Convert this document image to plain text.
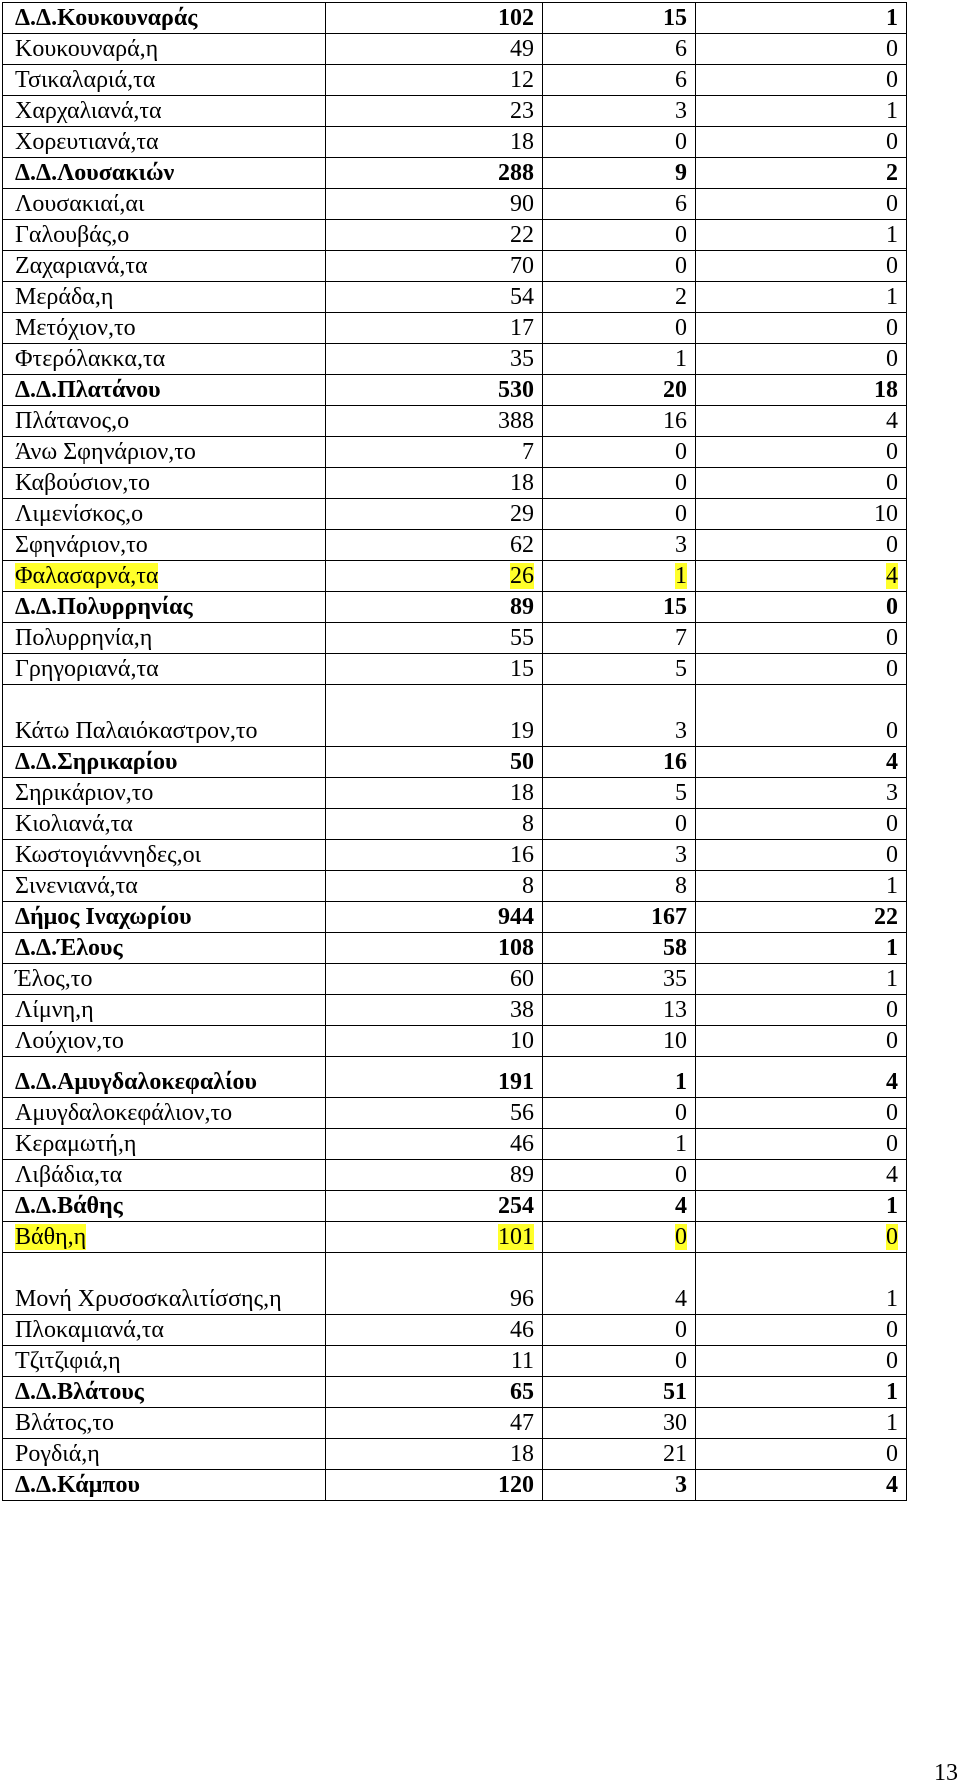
Δ.Δ.Κουκουναράς	102	15	1
Κουκουναρά,η	49	6	0
Τσικαλαριά,τα	12	6	0
Χαρχαλιανά,τα	23	3	1
Χορευτιανά,τα	18	0	0
Δ.Δ.Λουσακιών	288	9	2
Λουσακιαί,αι	90	6	0
Γαλουβάς,ο	22	0	1
Ζαχαριανά,τα	70	0	0
Μεράδα,η	54	2	1
Μετόχιον,το	17	0	0
Φτερόλακκα,τα	35	1	0
Δ.Δ.Πλατάνου	530	20	18
Πλάτανος,ο	388	16	4
Άνω Σφηνάριον,το	7	0	0
Καβούσιον,το	18	0	0
Λιμενίσκος,ο	29	0	10
Σφηνάριον,το	62	3	0
Φαλασαρνά,τα	26	1	4
Δ.Δ.Πολυρρηνίας	89	15	0
Πολυρρηνία,η	55	7	0
Γρηγοριανά,τα	15	5	0
Κάτω Παλαιόκαστρον,το	19	3	0
Δ.Δ.Σηρικαρίου	50	16	4
Σηρικάριον,το	18	5	3
Κιολιανά,τα	8	0	0
Κωστογιάννηδες,οι	16	3	0
Σινενιανά,τα	8	8	1
Δήμος Ιναχωρίου	944	167	22
Δ.Δ.Έλους	108	58	1
Έλος,το	60	35	1
Λίμνη,η	38	13	0
Λούχιον,το	10	10	0
Δ.Δ.Αμυγδαλοκεφαλίου	191	1	4
Αμυγδαλοκεφάλιον,το	56	0	0
Κεραμωτή,η	46	1	0
Λιβάδια,τα	89	0	4
Δ.Δ.Βάθης	254	4	1
Βάθη,η	101	0	0
Μονή Χρυσοσκαλιτίσσης,η	96	4	1
Πλοκαμιανά,τα	46	0	0
Τζιτζιφιά,η	11	0	0
Δ.Δ.Βλάτους	65	51	1
Βλάτος,το	47	30	1
Ρογδιά,η	18	21	0
Δ.Δ.Κάμπου	120	3	4
13
